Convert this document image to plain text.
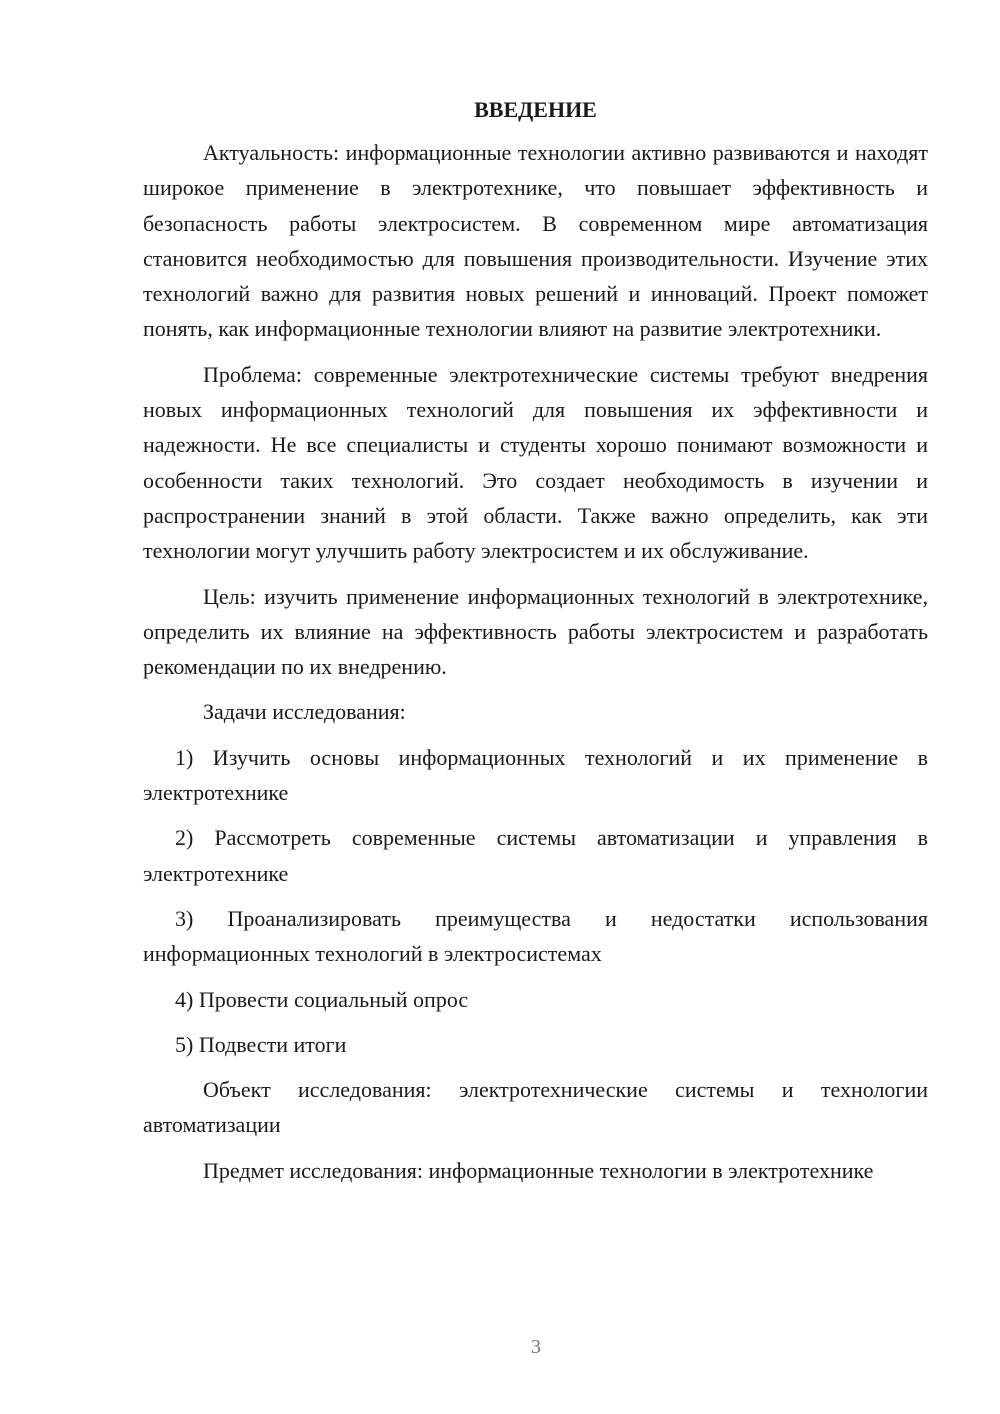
ВВЕДЕНИЕ

Актуальность: информационные технологии активно развиваются и находят широкое применение в электротехнике, что повышает эффективность и безопасность работы электросистем. В современном мире автоматизация становится необходимостью для повышения производительности. Изучение этих технологий важно для развития новых решений и инноваций. Проект поможет понять, как информационные технологии влияют на развитие электротехники.

Проблема: современные электротехнические системы требуют внедрения новых информационных технологий для повышения их эффективности и надежности. Не все специалисты и студенты хорошо понимают возможности и особенности таких технологий. Это создает необходимость в изучении и распространении знаний в этой области. Также важно определить, как эти технологии могут улучшить работу электросистем и их обслуживание.

Цель: изучить применение информационных технологий в электротехнике, определить их влияние на эффективность работы электросистем и разработать рекомендации по их внедрению.

Задачи исследования:

1) Изучить основы информационных технологий и их применение в электротехнике

2) Рассмотреть современные системы автоматизации и управления в электротехнике

3) Проанализировать преимущества и недостатки использования информационных технологий в электросистемах

4) Провести социальный опрос

5) Подвести итоги

Объект исследования: электротехнические системы и технологии автоматизации

Предмет исследования: информационные технологии в электротехнике

3
